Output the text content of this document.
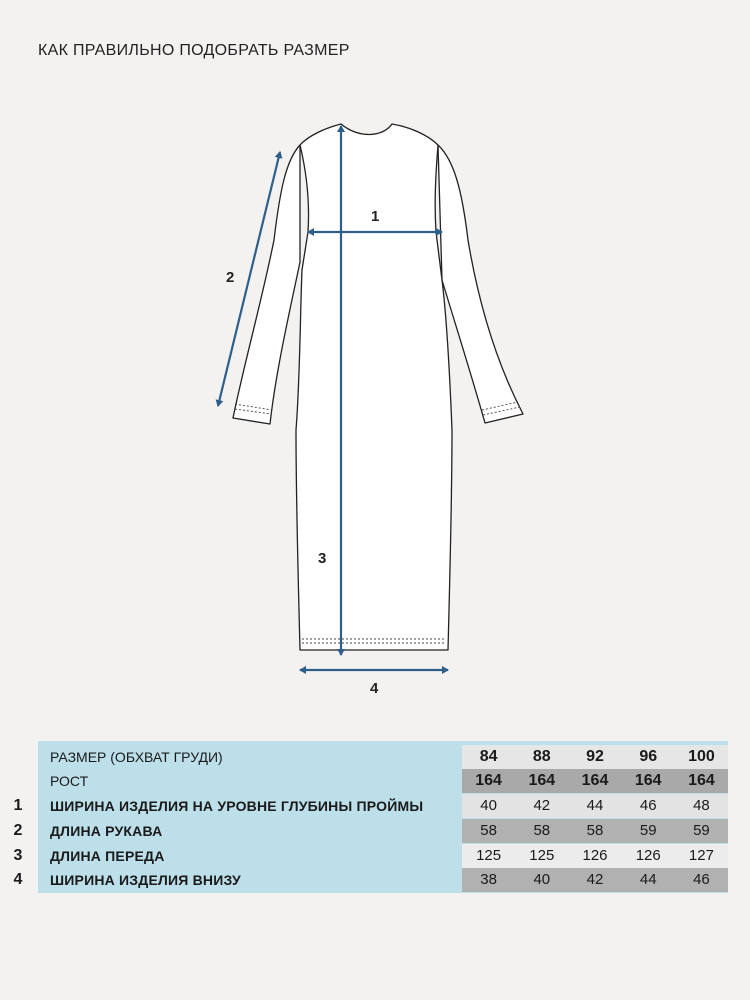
КАК ПРАВИЛЬНО ПОДОБРАТЬ РАЗМЕР
1
2
3
4
РАЗМЕР (ОБХВАТ ГРУДИ)	84	88	92	96	100
РОСТ	164	164	164	164	164
1	ШИРИНА ИЗДЕЛИЯ НА УРОВНЕ ГЛУБИНЫ ПРОЙМЫ	40	42	44	46	48
2	ДЛИНА РУКАВА	58	58	58	59	59
3	ДЛИНА ПЕРЕДА	125	125	126	126	127
4	ШИРИНА ИЗДЕЛИЯ ВНИЗУ	38	40	42	44	46
